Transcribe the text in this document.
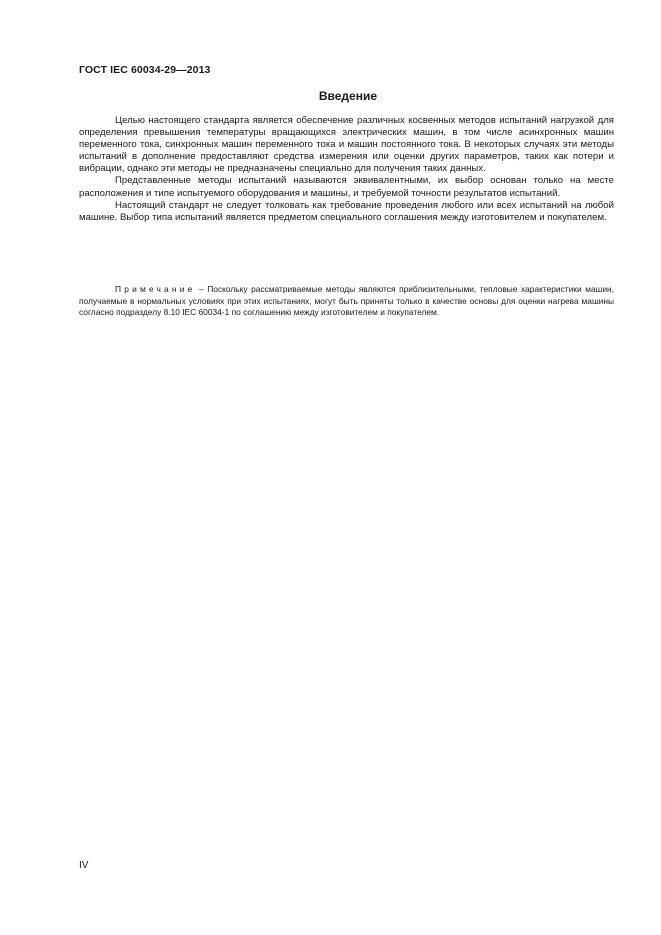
ГОСТ IEC 60034-29—2013
Введение

Целью настоящего стандарта является обеспечение различных косвенных методов испытаний нагрузкой для определения превышения температуры вращающихся электрических машин, в том числе асинхронных машин переменного тока, синхронных машин переменного тока и машин постоянного тока. В некоторых случаях эти методы испытаний в дополнение предоставляют средства измерения или оценки других параметров, таких как потери и вибрации, однако эти методы не предназначены специально для получения таких данных.

Представленные методы испытаний называются эквивалентными, их выбор основан только на месте расположения и типе испытуемого оборудования и машины, и требуемой точности результатов испытаний.

Настоящий стандарт не следует толковать как требование проведения любого или всех испытаний на любой машине. Выбор типа испытаний является предметом специального соглашения между изготовителем и покупателем.

Примечание – Поскольку рассматриваемые методы являются приблизительными, тепловые характеристики машин, получаемые в нормальных условиях при этих испытаниях, могут быть приняты только в качестве основы для оценки нагрева машины согласно подразделу 8.10 IEC 60034-1 по соглашению между изготовителем и покупателем.
IV
